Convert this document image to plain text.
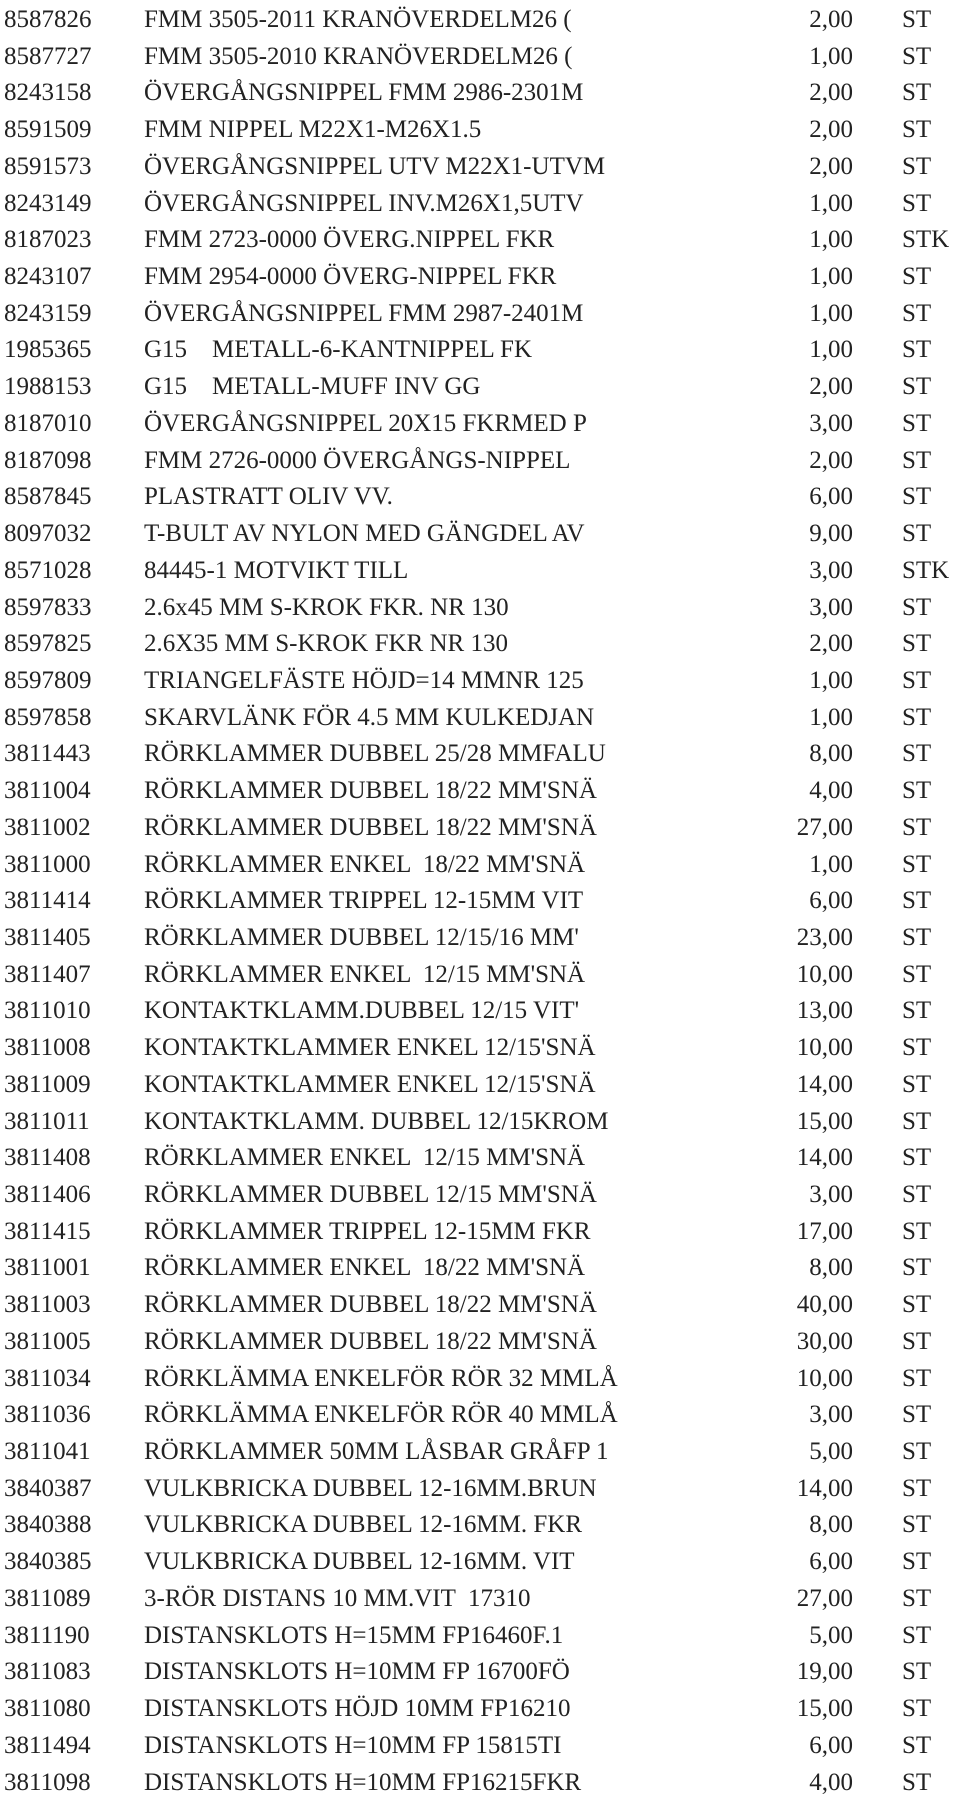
8587826 FMM 3505-2011 KRANÖVERDELM26 (	2,00 ST
8587727 FMM 3505-2010 KRANÖVERDELM26 (	1,00 ST
8243158 ÖVERGÅNGSNIPPEL FMM 2986-2301M	2,00 ST
8591509 FMM NIPPEL M22X1-M26X1.5	2,00 ST
8591573 ÖVERGÅNGSNIPPEL UTV M22X1-UTVM	2,00 ST
8243149 ÖVERGÅNGSNIPPEL INV.M26X1,5UTV	1,00 ST
8187023 FMM 2723-0000 ÖVERG.NIPPEL FKR	1,00 STK
8243107 FMM 2954-0000 ÖVERG-NIPPEL FKR	1,00 ST
8243159 ÖVERGÅNGSNIPPEL FMM 2987-2401M	1,00 ST
1985365 G15    METALL-6-KANTNIPPEL FK	1,00 ST
1988153 G15    METALL-MUFF INV GG	2,00 ST
8187010 ÖVERGÅNGSNIPPEL 20X15 FKRMED P	3,00 ST
8187098 FMM 2726-0000 ÖVERGÅNGS-NIPPEL	2,00 ST
8587845 PLASTRATT OLIV VV.	6,00 ST
8097032 T-BULT AV NYLON MED GÄNGDEL AV	9,00 ST
8571028 84445-1 MOTVIKT TILL	3,00 STK
8597833 2.6x45 MM S-KROK FKR. NR 130	3,00 ST
8597825 2.6X35 MM S-KROK FKR NR 130	2,00 ST
8597809 TRIANGELFÄSTE HÖJD=14 MMNR 125	1,00 ST
8597858 SKARVLÄNK FÖR 4.5 MM KULKEDJAN	1,00 ST
3811443 RÖRKLAMMER DUBBEL 25/28 MMFALU	8,00 ST
3811004 RÖRKLAMMER DUBBEL 18/22 MM'SNÄ	4,00 ST
3811002 RÖRKLAMMER DUBBEL 18/22 MM'SNÄ	27,00 ST
3811000 RÖRKLAMMER ENKEL  18/22 MM'SNÄ	1,00 ST
3811414 RÖRKLAMMER TRIPPEL 12-15MM VIT	6,00 ST
3811405 RÖRKLAMMER DUBBEL 12/15/16 MM'	23,00 ST
3811407 RÖRKLAMMER ENKEL  12/15 MM'SNÄ	10,00 ST
3811010 KONTAKTKLAMM.DUBBEL 12/15 VIT'	13,00 ST
3811008 KONTAKTKLAMMER ENKEL 12/15'SNÄ	10,00 ST
3811009 KONTAKTKLAMMER ENKEL 12/15'SNÄ	14,00 ST
3811011 KONTAKTKLAMM. DUBBEL 12/15KROM	15,00 ST
3811408 RÖRKLAMMER ENKEL  12/15 MM'SNÄ	14,00 ST
3811406 RÖRKLAMMER DUBBEL 12/15 MM'SNÄ	3,00 ST
3811415 RÖRKLAMMER TRIPPEL 12-15MM FKR	17,00 ST
3811001 RÖRKLAMMER ENKEL  18/22 MM'SNÄ	8,00 ST
3811003 RÖRKLAMMER DUBBEL 18/22 MM'SNÄ	40,00 ST
3811005 RÖRKLAMMER DUBBEL 18/22 MM'SNÄ	30,00 ST
3811034 RÖRKLÄMMA ENKELFÖR RÖR 32 MMLÅ	10,00 ST
3811036 RÖRKLÄMMA ENKELFÖR RÖR 40 MMLÅ	3,00 ST
3811041 RÖRKLAMMER 50MM LÅSBAR GRÅFP 1	5,00 ST
3840387 VULKBRICKA DUBBEL 12-16MM.BRUN	14,00 ST
3840388 VULKBRICKA DUBBEL 12-16MM. FKR	8,00 ST
3840385 VULKBRICKA DUBBEL 12-16MM. VIT	6,00 ST
3811089 3-RÖR DISTANS 10 MM.VIT  17310	27,00 ST
3811190 DISTANSKLOTS H=15MM FP16460F.1	5,00 ST
3811083 DISTANSKLOTS H=10MM FP 16700FÖ	19,00 ST
3811080 DISTANSKLOTS HÖJD 10MM FP16210	15,00 ST
3811494 DISTANSKLOTS H=10MM FP 15815TI	6,00 ST
3811098 DISTANSKLOTS H=10MM FP16215FKR	4,00 ST
